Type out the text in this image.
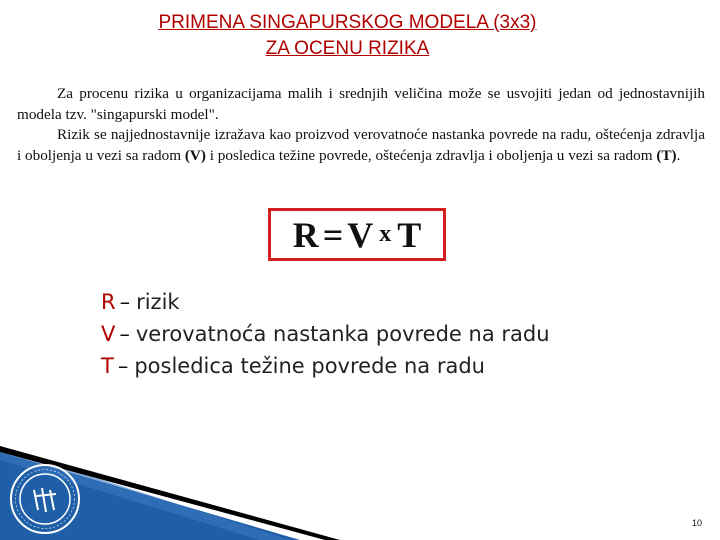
PRIMENA SINGAPURSKOG MODELA (3x3)
ZA OCENU RIZIKA

Za procenu rizika u organizacijama malih i srednjih veličina može se usvojiti jedan od jednostavnijih modela tzv. "singapurski model".

Rizik se najjednostavnije izražava kao proizvod verovatnoće nastanka povrede na radu, oštećenja zdravlja i oboljenja u vezi sa radom (V) i posledica težine povrede, oštećenja zdravlja i oboljenja u vezi sa radom (T).

R = V x T
R – rizik
V – verovatnoća nastanka povrede na radu
T – posledica težine povrede na radu
10
